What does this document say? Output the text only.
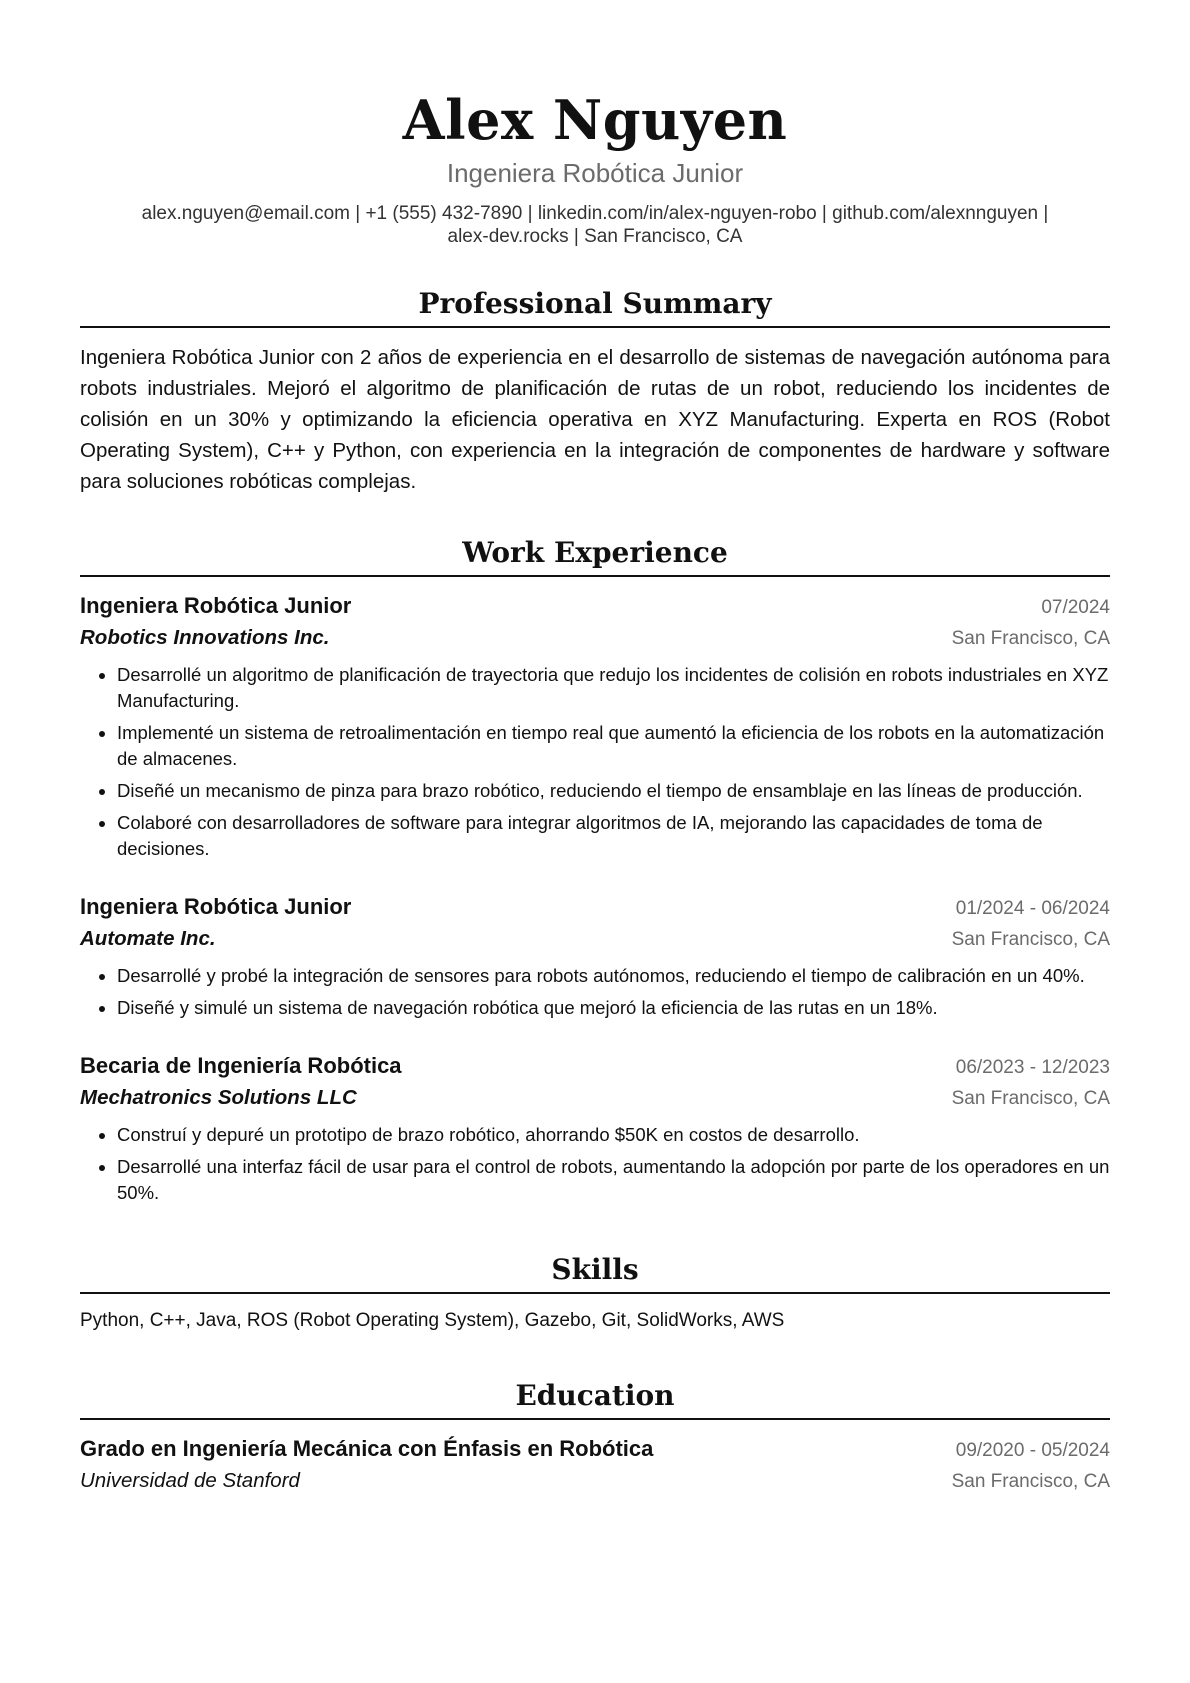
Alex Nguyen
Ingeniera Robótica Junior
alex.nguyen@email.com | +1 (555) 432-7890 | linkedin.com/in/alex-nguyen-robo | github.com/alexnnguyen |
alex-dev.rocks | San Francisco, CA
Professional Summary
Ingeniera Robótica Junior con 2 años de experiencia en el desarrollo de sistemas de navegación autónoma para robots industriales. Mejoró el algoritmo de planificación de rutas de un robot, reduciendo los incidentes de colisión en un 30% y optimizando la eficiencia operativa en XYZ Manufacturing. Experta en ROS (Robot Operating System), C++ y Python, con experiencia en la integración de componentes de hardware y software para soluciones robóticas complejas.
Work Experience
Ingeniera Robótica Junior	07/2024
Robotics Innovations Inc.	San Francisco, CA
• Desarrollé un algoritmo de planificación de trayectoria que redujo los incidentes de colisión en robots industriales en XYZ Manufacturing.
• Implementé un sistema de retroalimentación en tiempo real que aumentó la eficiencia de los robots en la automatización de almacenes.
• Diseñé un mecanismo de pinza para brazo robótico, reduciendo el tiempo de ensamblaje en las líneas de producción.
• Colaboré con desarrolladores de software para integrar algoritmos de IA, mejorando las capacidades de toma de decisiones.
Ingeniera Robótica Junior	01/2024 - 06/2024
Automate Inc.	San Francisco, CA
• Desarrollé y probé la integración de sensores para robots autónomos, reduciendo el tiempo de calibración en un 40%.
• Diseñé y simulé un sistema de navegación robótica que mejoró la eficiencia de las rutas en un 18%.
Becaria de Ingeniería Robótica	06/2023 - 12/2023
Mechatronics Solutions LLC	San Francisco, CA
• Construí y depuré un prototipo de brazo robótico, ahorrando $50K en costos de desarrollo.
• Desarrollé una interfaz fácil de usar para el control de robots, aumentando la adopción por parte de los operadores en un 50%.
Skills
Python, C++, Java, ROS (Robot Operating System), Gazebo, Git, SolidWorks, AWS
Education
Grado en Ingeniería Mecánica con Énfasis en Robótica	09/2020 - 05/2024
Universidad de Stanford	San Francisco, CA
